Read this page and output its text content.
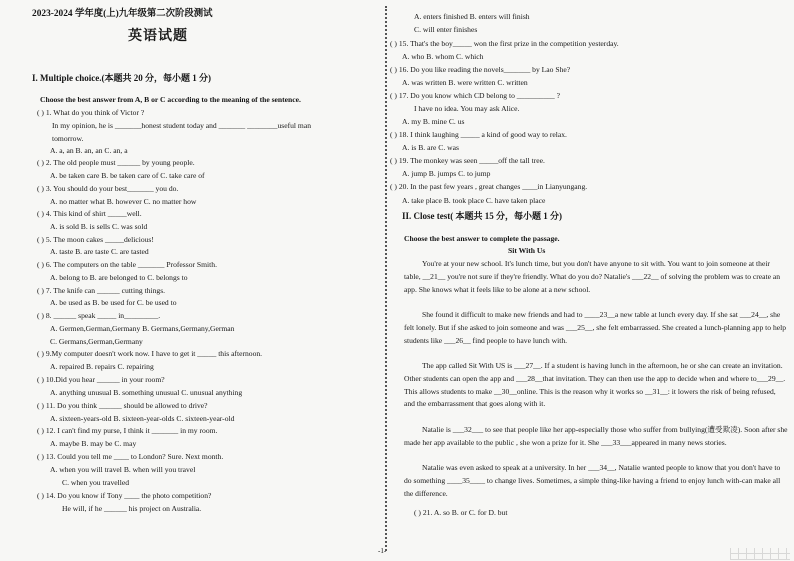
2023-2024 学年度(上)九年级第二次阶段测试
英语试题
I. Multiple choice.(本题共 20 分，每小题 1 分)
Choose the best answer from A, B or C according to the meaning of the sentence.
( ) 1. What do you think of Victor ?
In my opinion, he is _______honest student today and _______ ________useful man
tomorrow.
A. a, an B. an, an C. an, a
( ) 2. The old people must ______ by young people.
A. be taken care B. be taken care of C. take care of
( ) 3. You should do your best_______ you do.
A. no matter what B. however C. no matter how
( ) 4. This kind of shirt _____well.
A. is sold B. is sells C. was sold
( ) 5. The moon cakes _____delicious!
A. taste B. are taste C. are tasted
( ) 6. The computers on the table _______ Professor Smith.
A. belong to B. are belonged to C. belongs to
( ) 7. The knife can ______ cutting things.
A. be used as B. be used for C. be used to
( ) 8. ______ speak _____ in_________.
A. Germen,German,Germany B. Germans,Germany,German
C. Germans,German,Germany
( ) 9.My computer doesn't work now. I have to get it _____ this afternoon.
A. repaired B. repairs C. repairing
( ) 10.Did you hear ______ in your room?
A. anything unusual B. something unusual C. unusual anything
( ) 11. Do you think ______ should be allowed to drive?
A. sixteen-years-old B. sixteen-year-olds C. sixteen-year-old
( ) 12. I can't find my purse, I think it _______ in my room.
A. maybe B. may be C. may
( ) 13. Could you tell me ____ to London? Sure. Next month.
A. when you will travel B. when will you travel
C. when you travelled
( ) 14. Do you know if Tony ____ the photo competition?
He will, if he ______ his project on Australia.
A. enters finished B. enters will finish
C. will enter finishes
( ) 15. That's the boy_____ won the first prize in the competition yesterday.
A. who B. whom C. which
( ) 16. Do you like reading the novels_______ by Lao She?
A. was written B. were written C. written
( ) 17. Do you know which CD belong to __________ ?
I have no idea. You may ask Alice.
A. my B. mine C. us
( ) 18. I think laughing _____ a kind of good way to relax.
A. is B. are C. was
( ) 19. The monkey was seen _____off the tall tree.
A. jump B. jumps C. to jump
( ) 20. In the past few years , great changes ____in Lianyungang.
A. take place B. took place C. have taken place
II. Close test( 本题共 15 分，每小题 1 分)
Choose the best answer to complete the passage.
Sit With Us
You're at your new school. It's lunch time, but you don't have anyone to sit with. You want to join someone at their table, __21__ you're not sure if they're friendly. What do you do? Natalie's ___22__ of solving the problem was to create an app. She knows what it feels like to be alone at a new school.
She found it difficult to make new friends and had to ____23__a new table at lunch every day. If she sat ___24__, she felt lonely. But if she asked to join someone and was ___25__, she felt embarrassed. She created a lunch-planning app to help students like ___26__ find people to have lunch with.
The app called Sit With US is ___27__. If a student is having lunch in the afternoon, he or she can create an invitation. Other students can open the app and ___28__that invitation. They can then use the app to decide when and where to___29__. This allows students to make __30__online. This is the reason why it works so __31__: it lowers the risk of being refused, and the embarrassment that goes along with it.
Natalie is ___32___ to see that people like her app-especially those who suffer from bullying(遭受欺凌). Soon after she made her app available to the public , she won a prize for it. She ___33___appeared in many news stories.
Natalie was even asked to speak at a university. In her ___34__, Natalie wanted people to know that you don't have to do something ____35____ to change lives. Sometimes, a simple thing-like having a friend to enjoy lunch with-can make all the difference.
( ) 21. A. so B. or C. for D. but
-1-
